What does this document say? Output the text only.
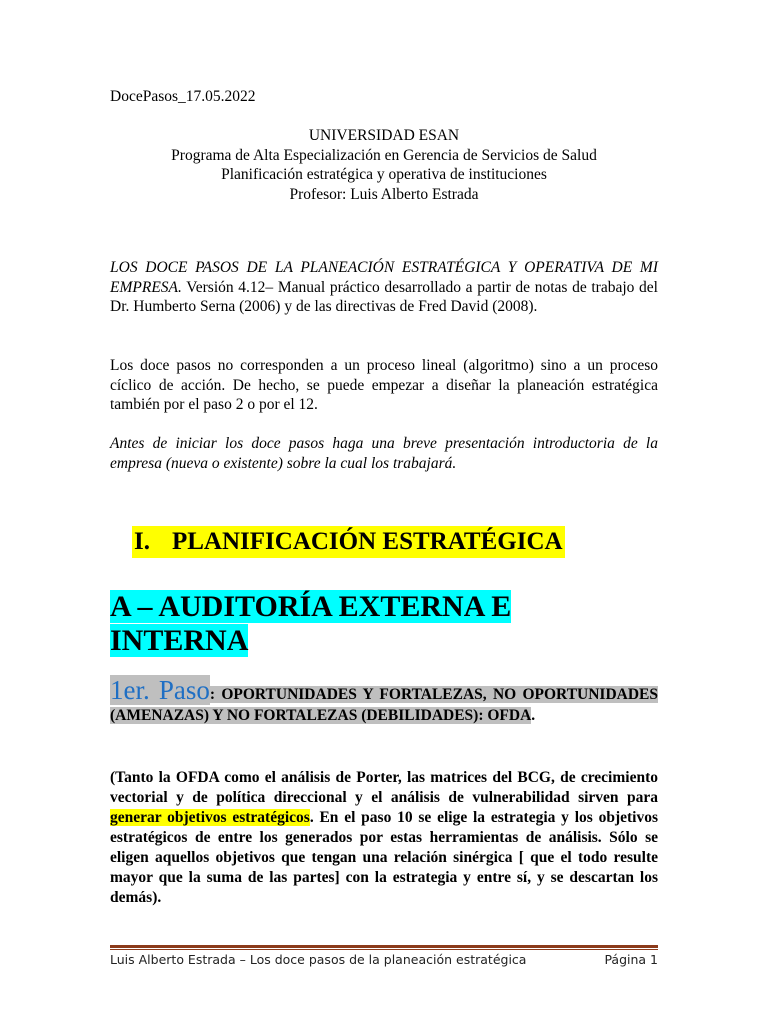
DocePasos_17.05.2022
UNIVERSIDAD ESAN
Programa de Alta Especialización en Gerencia de Servicios de Salud
Planificación estratégica y operativa de instituciones
Profesor: Luis Alberto Estrada
LOS DOCE PASOS DE LA PLANEACIÓN ESTRATÉGICA Y OPERATIVA DE MI EMPRESA. Versión 4.12– Manual práctico desarrollado a partir de notas de trabajo del Dr. Humberto Serna (2006) y de las directivas de Fred David (2008).
Los doce pasos no corresponden a un proceso lineal (algoritmo) sino a un proceso cíclico de acción. De hecho, se puede empezar a diseñar la planeación estratégica también por el paso 2 o por el 12.
Antes de iniciar los doce pasos haga una breve presentación introductoria de la empresa (nueva o existente) sobre la cual los trabajará.
I. PLANIFICACIÓN ESTRATÉGICA
A – AUDITORÍA EXTERNA E
INTERNA
1er. Paso: OPORTUNIDADES Y FORTALEZAS, NO OPORTUNIDADES (AMENAZAS) Y NO FORTALEZAS (DEBILIDADES): OFDA.
(Tanto la OFDA como el análisis de Porter, las matrices del BCG, de crecimiento vectorial y de política direccional y el análisis de vulnerabilidad sirven para generar objetivos estratégicos. En el paso 10 se elige la estrategia y los objetivos estratégicos de entre los generados por estas herramientas de análisis. Sólo se eligen aquellos objetivos que tengan una relación sinérgica [ que el todo resulte mayor que la suma de las partes] con la estrategia y entre sí, y se descartan los demás).
Luis Alberto Estrada – Los doce pasos de la planeación estratégica	Página 1
